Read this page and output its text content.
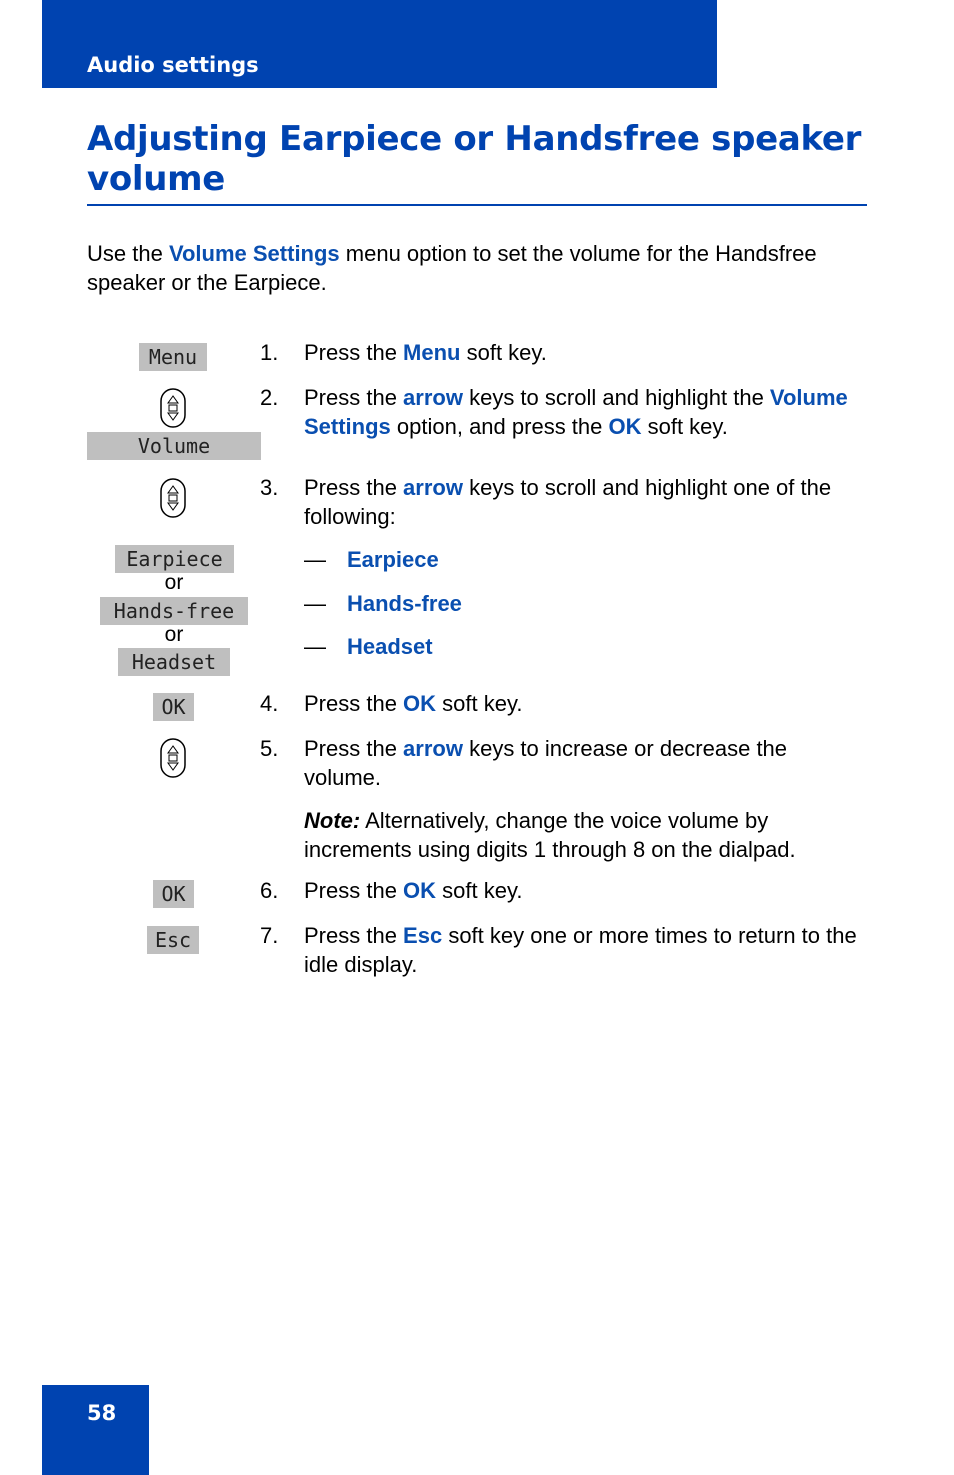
Audio settings
Adjusting Earpiece or Handsfree speaker volume

Use the Volume Settings menu option to set the volume for the Handsfree speaker or the Earpiece.

Menu
Volume
Earpiece
or
Hands-free
or
Headset
OK
OK
Esc
1. Press the Menu soft key.
2. Press the arrow keys to scroll and highlight the Volume Settings option, and press the OK soft key.
3. Press the arrow keys to scroll and highlight one of the following:
— Earpiece
— Hands-free
— Headset
4. Press the OK soft key.
5. Press the arrow keys to increase or decrease the volume.
Note: Alternatively, change the voice volume by increments using digits 1 through 8 on the dialpad.
6. Press the OK soft key.
7. Press the Esc soft key one or more times to return to the idle display.
58
